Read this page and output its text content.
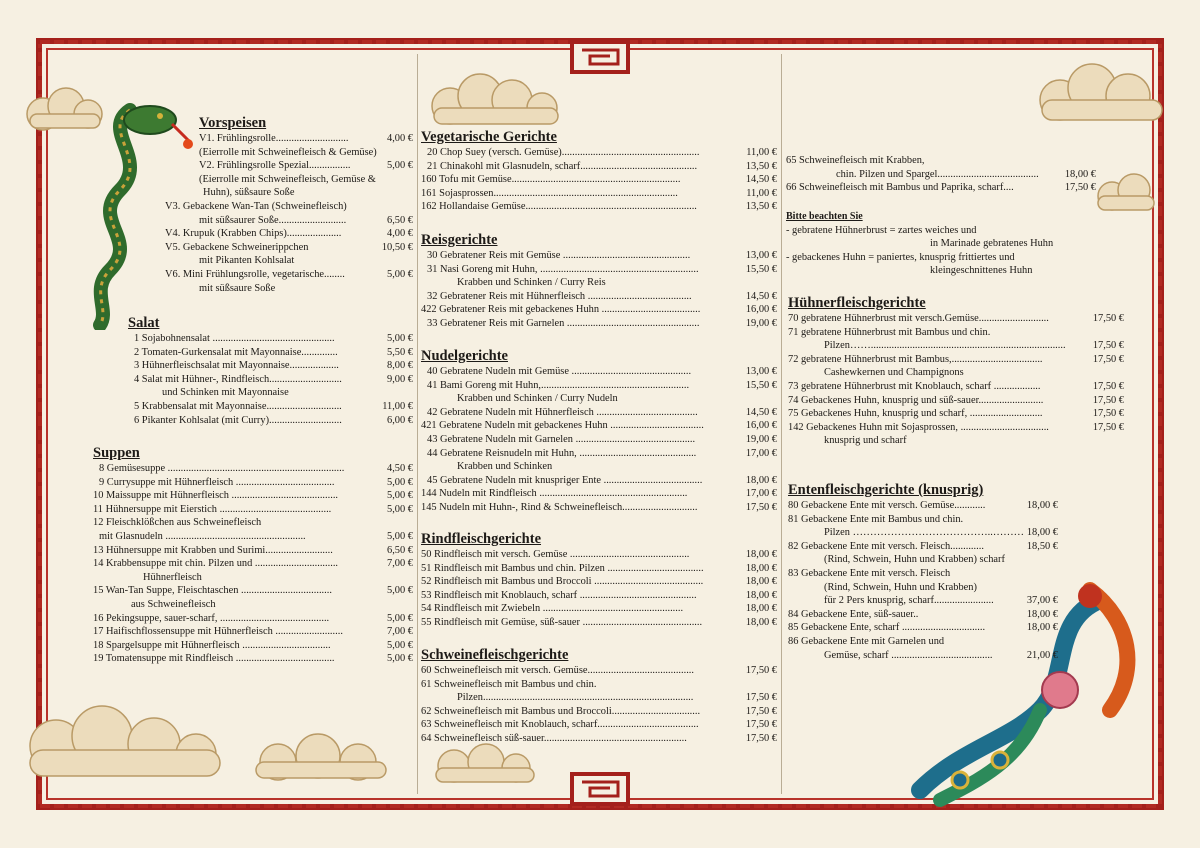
Vorspeisen
V1. Frühlingsrolle............................	4,00 €
(Eierrolle mit Schweinefleisch & Gemüse)
V2. Frühlingsrolle Spezial................	5,00 €
(Eierrolle mit Schweinefleisch, Gemüse &
Huhn), süßsaure Soße
V3. Gebackene Wan-Tan (Schweinefleisch)
mit süßsaurer Soße..........................	6,50 €
V4. Krupuk (Krabben Chips).....................	4,00 €
V5. Gebackene Schweinerippchen	10,50 €
mit Pikanten Kohlsalat
V6. Mini Frühlungsrolle, vegetarische........	5,00 €
mit süßsaure Soße
Salat
1 Sojabohnensalat ...............................................	5,00 €
2 Tomaten-Gurkensalat mit Mayonnaise..............	5,50 €
3 Hühnerfleischsalat mit Mayonnaise...................	8,00 €
4 Salat mit Hühner-, Rindfleisch............................	9,00 €
und Schinken mit Mayonnaise
5 Krabbensalat mit Mayonnaise.............................	11,00 €
6 Pikanter Kohlsalat (mit Curry)............................	6,00 €
Suppen
8 Gemüsesuppe ....................................................................	4,50 €
9 Currysuppe mit Hühnerfleisch ......................................	5,00 €
10 Maissuppe mit Hühnerfleisch .........................................	5,00 €
11 Hühnersuppe mit Eierstich ...........................................	5,00 €
12 Fleischklößchen aus Schweinefleisch
mit Glasnudeln ......................................................	5,00 €
13 Hühnersuppe mit Krabben und Surimi..........................	6,50 €
14 Krabbensuppe mit chin. Pilzen und ................................	7,00 €
Hühnerfleisch
15 Wan-Tan Suppe, Fleischtaschen ...................................	5,00 €
aus Schweinefleisch
16 Pekingsuppe, sauer-scharf, ..........................................	5,00 €
17 Haifischflossensuppe mit Hühnerfleisch ..........................	7,00 €
18 Spargelsuppe mit Hühnerfleisch ..................................	5,00 €
19 Tomatensuppe mit Rindfleisch ......................................	5,00 €
Vegetarische Gerichte
20 Chop Suey (versch. Gemüse).....................................................	11,00 €
21 Chinakohl mit Glasnudeln, scharf.............................................	13,50 €
160 Tofu mit Gemüse.................................................................	14,50 €
161 Sojasprossen.......................................................................	11,00 €
162 Hollandaise Gemüse..................................................................	13,50 €
Reisgerichte
30 Gebratener Reis mit Gemüse .................................................	13,00 €
31 Nasi Goreng mit Huhn, .............................................................	15,50 €
Krabben und Schinken / Curry Reis
32 Gebratener Reis mit Hühnerfleisch ........................................	14,50 €
422 Gebratener Reis mit gebackenes Huhn ......................................	16,00 €
33 Gebratener Reis mit Garnelen ...................................................	19,00 €
Nudelgerichte
40 Gebratene Nudeln mit Gemüse ..............................................	13,00 €
41 Bami Goreng mit Huhn,.........................................................	15,50 €
Krabben und Schinken / Curry Nudeln
42 Gebratene Nudeln mit Hühnerfleisch .......................................	14,50 €
421 Gebratene Nudeln mit gebackenes Huhn ....................................	16,00 €
43 Gebratene Nudeln mit Garnelen ..............................................	19,00 €
44 Gebratene Reisnudeln mit Huhn, .............................................	17,00 €
Krabben und Schinken
45 Gebratene Nudeln mit knuspriger Ente ......................................	18,00 €
144 Nudeln mit Rindfleisch .........................................................	17,00 €
145 Nudeln mit Huhn-, Rind & Schweinefleisch.............................	17,50 €
Rindfleischgerichte
50 Rindfleisch mit versch. Gemüse ..............................................	18,00 €
51 Rindfleisch mit Bambus und chin. Pilzen .....................................	18,00 €
52 Rindfleisch mit Bambus und Broccoli ..........................................	18,00 €
53 Rindfleisch mit Knoblauch, scharf .............................................	18,00 €
54 Rindfleisch mit Zwiebeln ......................................................	18,00 €
55 Rindfleisch mit Gemüse, süß-sauer ..............................................	18,00 €
Schweinefleischgerichte
60 Schweinefleisch mit versch. Gemüse.........................................	17,50 €
61 Schweinefleisch mit Bambus und chin.
Pilzen.................................................................................	17,50 €
62 Schweinefleisch mit Bambus und Broccoli..................................	17,50 €
63 Schweinefleisch mit Knoblauch, scharf.......................................	17,50 €
64 Schweinefleisch süß-sauer.......................................................	17,50 €
65 Schweinefleisch mit Krabben,
chin. Pilzen und Spargel.......................................	18,00 €
66 Schweinefleisch mit Bambus und Paprika, scharf....	17,50 €
Bitte beachten Sie
- gebratene Hühnerbrust = zartes weiches und
in Marinade gebratenes Huhn
- gebackenes Huhn = paniertes, knusprig frittiertes und
kleingeschnittenes Huhn
Hühnerfleischgerichte
70 gebratene Hühnerbrust mit versch.Gemüse...........................	17,50 €
71 gebratene Hühnerbrust mit Bambus und chin.
Pilzen……...........................................................................	17,50 €
72 gebratene Hühnerbrust mit Bambus,...................................	17,50 €
Cashewkernen und Champignons
73 gebratene Hühnerbrust mit Knoblauch, scharf ..................	17,50 €
74 Gebackenes Huhn, knusprig und süß-sauer.........................	17,50 €
75 Gebackenes Huhn, knusprig und scharf, ............................	17,50 €
142 Gebackenes Huhn mit Sojasprossen, ..................................	17,50 €
knusprig und scharf
Entenfleischgerichte (knusprig)
80 Gebackene Ente mit versch. Gemüse............	18,00 €
81 Gebackene Ente mit Bambus und chin.
Pilzen …………………………………..……… 18,00 €
82 Gebackene Ente mit versch. Fleisch.............	18,50 €
(Rind, Schwein, Huhn und Krabben) scharf
83 Gebackene Ente mit versch. Fleisch
(Rind, Schwein, Huhn und Krabben)
für 2 Pers knusprig, scharf.......................	37,00 €
84 Gebackene Ente, süß-sauer..	18,00 €
85 Gebackene Ente, scharf ................................	18,00 €
86 Gebackene Ente mit Garnelen und
Gemüse, scharf .......................................	21,00 €
